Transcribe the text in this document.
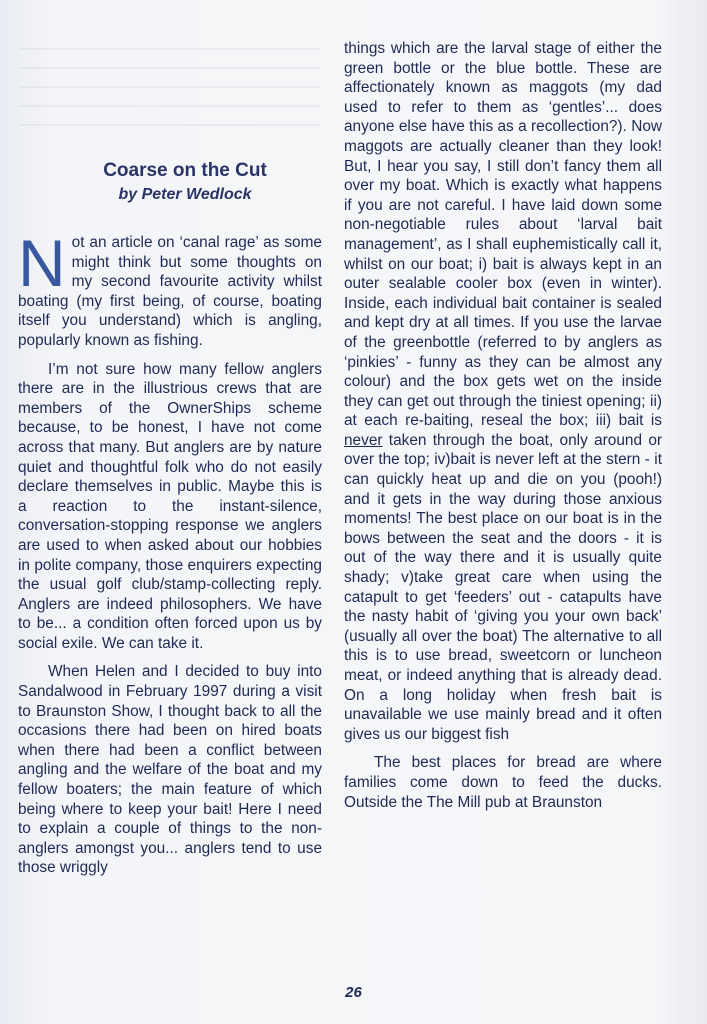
Coarse on the Cut
by Peter Wedlock

Not an article on ‘canal rage’ as some might think but some thoughts on my second favourite activity whilst boating (my first being, of course, boating itself you understand) which is angling, popularly known as fishing.

I’m not sure how many fellow anglers there are in the illustrious crews that are members of the OwnerShips scheme because, to be honest, I have not come across that many. But anglers are by nature quiet and thoughtful folk who do not easily declare themselves in public. Maybe this is a reaction to the instant-silence, conversation-stopping response we anglers are used to when asked about our hobbies in polite company, those enquirers expecting the usual golf club/stamp-collecting reply. Anglers are indeed philosophers. We have to be... a condition often forced upon us by social exile. We can take it.

When Helen and I decided to buy into Sandalwood in February 1997 during a visit to Braunston Show, I thought back to all the occasions there had been on hired boats when there had been a conflict between angling and the welfare of the boat and my fellow boaters; the main feature of which being where to keep your bait! Here I need to explain a couple of things to the non-anglers amongst you... anglers tend to use those wriggly

things which are the larval stage of either the green bottle or the blue bottle. These are affectionately known as maggots (my dad used to refer to them as ‘gentles’... does anyone else have this as a recollection?). Now maggots are actually cleaner than they look! But, I hear you say, I still don’t fancy them all over my boat. Which is exactly what happens if you are not careful. I have laid down some non-negotiable rules about ‘larval bait management’, as I shall euphemistically call it, whilst on our boat; i) bait is always kept in an outer sealable cooler box (even in winter). Inside, each individual bait container is sealed and kept dry at all times. If you use the larvae of the greenbottle (referred to by anglers as ‘pinkies’ - funny as they can be almost any colour) and the box gets wet on the inside they can get out through the tiniest opening; ii) at each re-baiting, reseal the box; iii) bait is never taken through the boat, only around or over the top; iv)bait is never left at the stern - it can quickly heat up and die on you (pooh!) and it gets in the way during those anxious moments! The best place on our boat is in the bows between the seat and the doors - it is out of the way there and it is usually quite shady; v)take great care when using the catapult to get ‘feeders’ out - catapults have the nasty habit of ‘giving you your own back’ (usually all over the boat) The alternative to all this is to use bread, sweetcorn or luncheon meat, or indeed anything that is already dead. On a long holiday when fresh bait is unavailable we use mainly bread and it often gives us our biggest fish

The best places for bread are where families come down to feed the ducks. Outside the The Mill pub at Braunston

26
